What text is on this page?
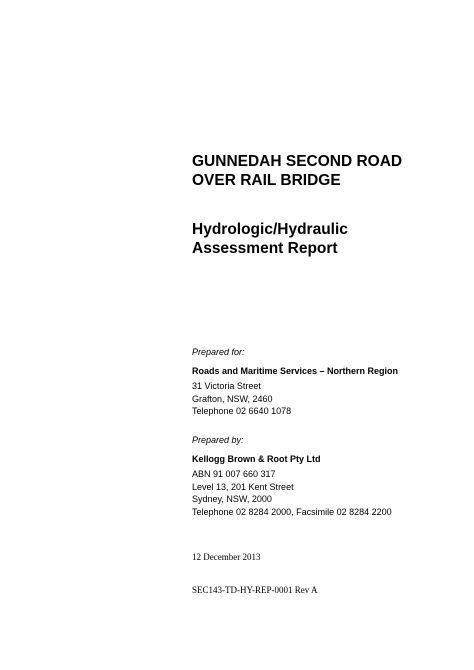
GUNNEDAH SECOND ROAD
OVER RAIL BRIDGE
Hydrologic/Hydraulic
Assessment Report
Prepared for:
Roads and Maritime Services – Northern Region
31 Victoria Street
Grafton, NSW, 2460
Telephone 02 6640 1078
Prepared by:
Kellogg Brown & Root Pty Ltd
ABN 91 007 660 317
Level 13, 201 Kent Street
Sydney, NSW, 2000
Telephone 02 8284 2000, Facsimile 02 8284 2200
12 December 2013
SEC143-TD-HY-REP-0001 Rev A
